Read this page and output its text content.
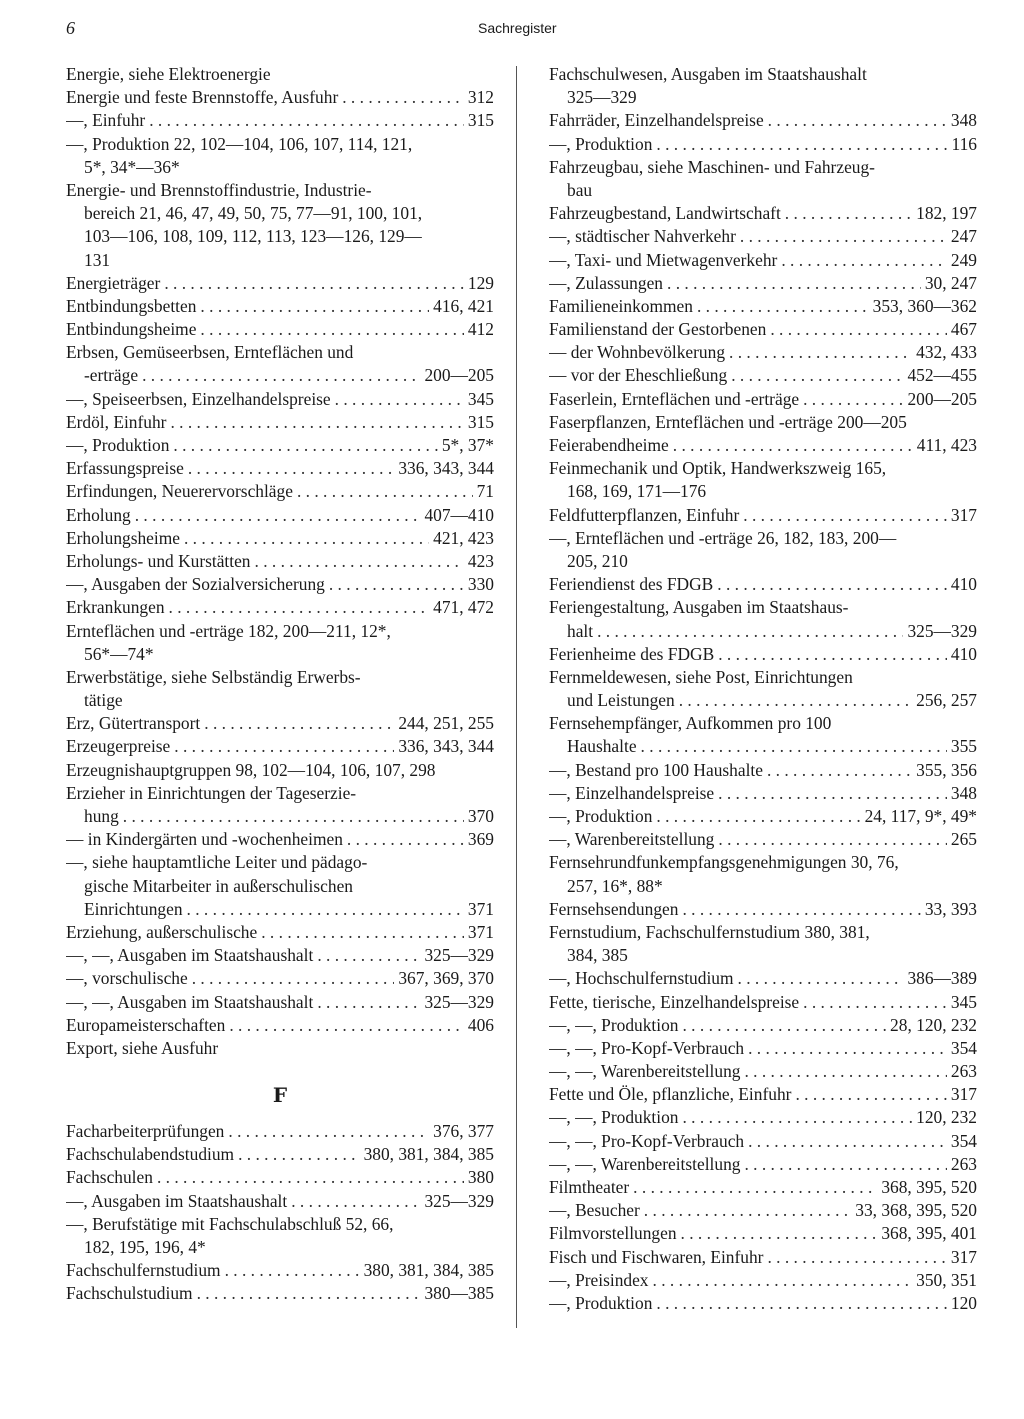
6	Sachregister
Energie, siehe Elektroenergie
Energie und feste Brennstoffe, Ausfuhr . . .	312
—, Einfuhr . . .	315
—, Produktion 22, 102—104, 106, 107, 114, 121,
5*, 34*—36*
Energie- und Brennstoffindustrie, Industrie-
bereich 21, 46, 47, 49, 50, 75, 77—91, 100, 101,
103—106, 108, 109, 112, 113, 123—126, 129—
131
Energieträger . . .	129
Entbindungsbetten . . .	416, 421
Entbindungsheime . . .	412
Erbsen, Gemüseerbsen, Ernteflächen und
-erträge . . .	200—205
—, Speiseerbsen, Einzelhandelspreise . . .	345
Erdöl, Einfuhr . . .	315
—, Produktion . . .	5*, 37*
Erfassungspreise . . .	336, 343, 344
Erfindungen, Neuerervorschläge . . .	71
Erholung . . .	407—410
Erholungsheime . . .	421, 423
Erholungs- und Kurstätten . . .	423
—, Ausgaben der Sozialversicherung . . .	330
Erkrankungen . . .	471, 472
Ernteflächen und -erträge 182, 200—211, 12*,
56*—74*
Erwerbstätige, siehe Selbständig Erwerbs-
tätige
Erz, Gütertransport . . .	244, 251, 255
Erzeugerpreise . . .	336, 343, 344
Erzeugnishauptgruppen 98, 102—104, 106, 107, 298
Erzieher in Einrichtungen der Tageserzie-
hung . . .	370
— in Kindergärten und -wochenheimen . . .	369
—, siehe hauptamtliche Leiter und pädago-
gische Mitarbeiter in außerschulischen
Einrichtungen . . .	371
Erziehung, außerschulische . . .	371
—, —, Ausgaben im Staatshaushalt . . .	325—329
—, vorschulische . . .	367, 369, 370
—, —, Ausgaben im Staatshaushalt . . .	325—329
Europameisterschaften . . .	406
Export, siehe Ausfuhr
F
Facharbeiterprüfungen . . .	376, 377
Fachschulabendstudium . . .	380, 381, 384, 385
Fachschulen . . .	380
—, Ausgaben im Staatshaushalt . . .	325—329
—, Berufstätige mit Fachschulabschluß 52, 66,
182, 195, 196, 4*
Fachschulfernstudium . . .	380, 381, 384, 385
Fachschulstudium . . .	380—385
Fachschulwesen, Ausgaben im Staatshaushalt
325—329
Fahrräder, Einzelhandelspreise . . .	348
—, Produktion . . .	116
Fahrzeugbau, siehe Maschinen- und Fahrzeug-
bau
Fahrzeugbestand, Landwirtschaft . . .	182, 197
—, städtischer Nahverkehr . . .	247
—, Taxi- und Mietwagenverkehr . . .	249
—, Zulassungen . . .	30, 247
Familieneinkommen . . .	353, 360—362
Familienstand der Gestorbenen . . .	467
— der Wohnbevölkerung . . .	432, 433
— vor der Eheschließung . . .	452—455
Faserlein, Ernteflächen und -erträge . . .	200—205
Faserpflanzen, Ernteflächen und -erträge 200—205
Feierabendheime . . .	411, 423
Feinmechanik und Optik, Handwerkszweig 165,
168, 169, 171—176
Feldfutterpflanzen, Einfuhr . . .	317
—, Ernteflächen und -erträge 26, 182, 183, 200—
205, 210
Feriendienst des FDGB . . .	410
Feriengestaltung, Ausgaben im Staatshaus-
halt . . .	325—329
Ferienheime des FDGB . . .	410
Fernmeldewesen, siehe Post, Einrichtungen
und Leistungen . . .	256, 257
Fernsehempfänger, Aufkommen pro 100
Haushalte . . .	355
—, Bestand pro 100 Haushalte . . .	355, 356
—, Einzelhandelspreise . . .	348
—, Produktion . . .	24, 117, 9*, 49*
—, Warenbereitstellung . . .	265
Fernsehrundfunkempfangsgenehmigungen 30, 76,
257, 16*, 88*
Fernsehsendungen . . .	33, 393
Fernstudium, Fachschulfernstudium 380, 381,
384, 385
—, Hochschulfernstudium . . .	386—389
Fette, tierische, Einzelhandelspreise . . .	345
—, —, Produktion . . .	28, 120, 232
—, —, Pro-Kopf-Verbrauch . . .	354
—, —, Warenbereitstellung . . .	263
Fette und Öle, pflanzliche, Einfuhr . . .	317
—, —, Produktion . . .	120, 232
—, —, Pro-Kopf-Verbrauch . . .	354
—, —, Warenbereitstellung . . .	263
Filmtheater . . .	368, 395, 520
—, Besucher . . .	33, 368, 395, 520
Filmvorstellungen . . .	368, 395, 401
Fisch und Fischwaren, Einfuhr . . .	317
—, Preisindex . . .	350, 351
—, Produktion . . .	120
